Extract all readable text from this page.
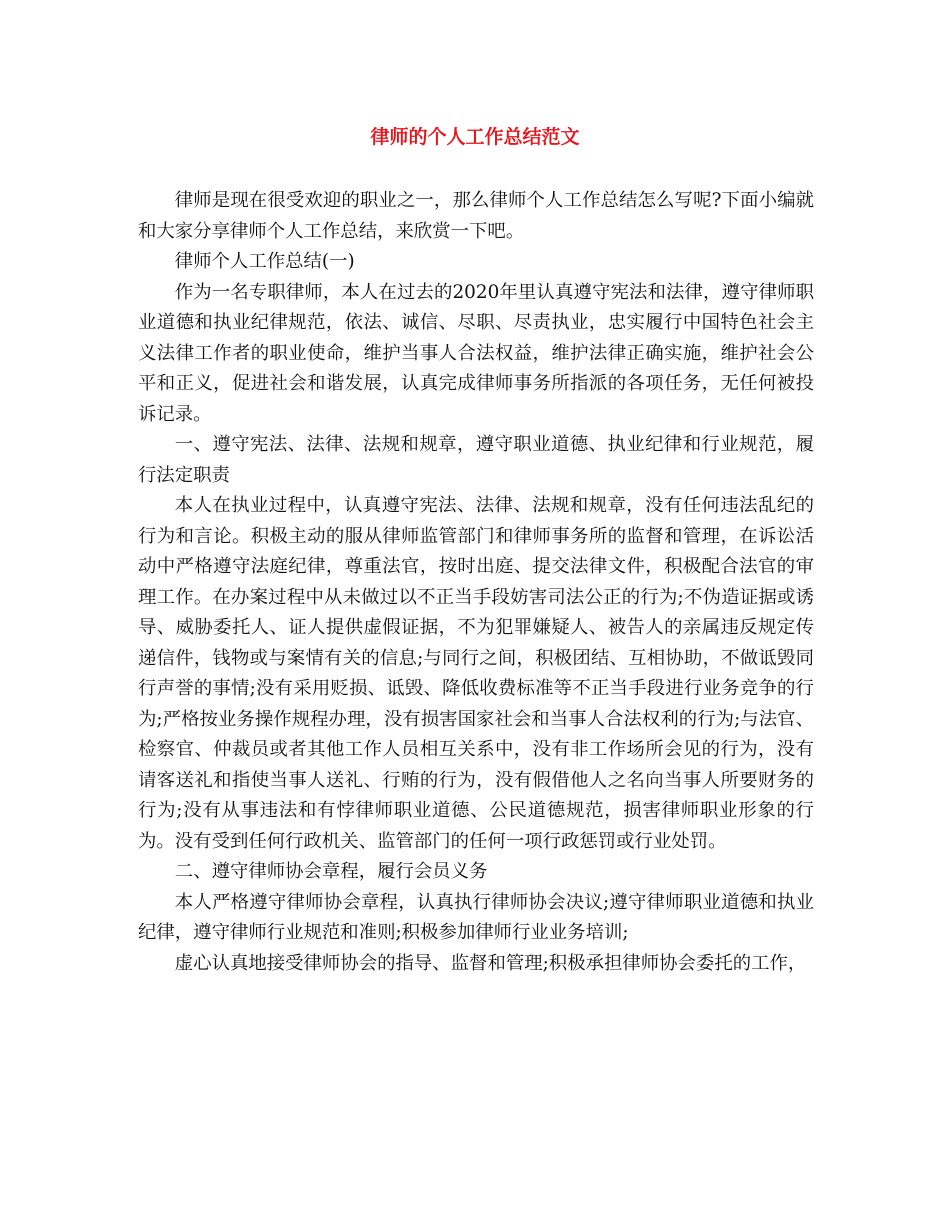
律师的个人工作总结范文

律师是现在很受欢迎的职业之一，那么律师个人工作总结怎么写呢?下面小编就和大家分享律师个人工作总结，来欣赏一下吧。

律师个人工作总结(一)

作为一名专职律师，本人在过去的2020年里认真遵守宪法和法律，遵守律师职业道德和执业纪律规范，依法、诚信、尽职、尽责执业，忠实履行中国特色社会主义法律工作者的职业使命，维护当事人合法权益，维护法律正确实施，维护社会公平和正义，促进社会和谐发展，认真完成律师事务所指派的各项任务，无任何被投诉记录。

一、遵守宪法、法律、法规和规章，遵守职业道德、执业纪律和行业规范，履行法定职责

本人在执业过程中，认真遵守宪法、法律、法规和规章，没有任何违法乱纪的行为和言论。积极主动的服从律师监管部门和律师事务所的监督和管理，在诉讼活动中严格遵守法庭纪律，尊重法官，按时出庭、提交法律文件，积极配合法官的审理工作。在办案过程中从未做过以不正当手段妨害司法公正的行为;不伪造证据或诱导、威胁委托人、证人提供虚假证据，不为犯罪嫌疑人、被告人的亲属违反规定传递信件，钱物或与案情有关的信息;与同行之间，积极团结、互相协助，不做诋毁同行声誉的事情;没有采用贬损、诋毁、降低收费标准等不正当手段进行业务竞争的行为;严格按业务操作规程办理，没有损害国家社会和当事人合法权利的行为;与法官、检察官、仲裁员或者其他工作人员相互关系中，没有非工作场所会见的行为，没有请客送礼和指使当事人送礼、行贿的行为，没有假借他人之名向当事人所要财务的行为;没有从事违法和有悖律师职业道德、公民道德规范，损害律师职业形象的行为。没有受到任何行政机关、监管部门的任何一项行政惩罚或行业处罚。

二、遵守律师协会章程，履行会员义务

本人严格遵守律师协会章程，认真执行律师协会决议;遵守律师职业道德和执业纪律，遵守律师行业规范和准则;积极参加律师行业业务培训;

虚心认真地接受律师协会的指导、监督和管理;积极承担律师协会委托的工作，
